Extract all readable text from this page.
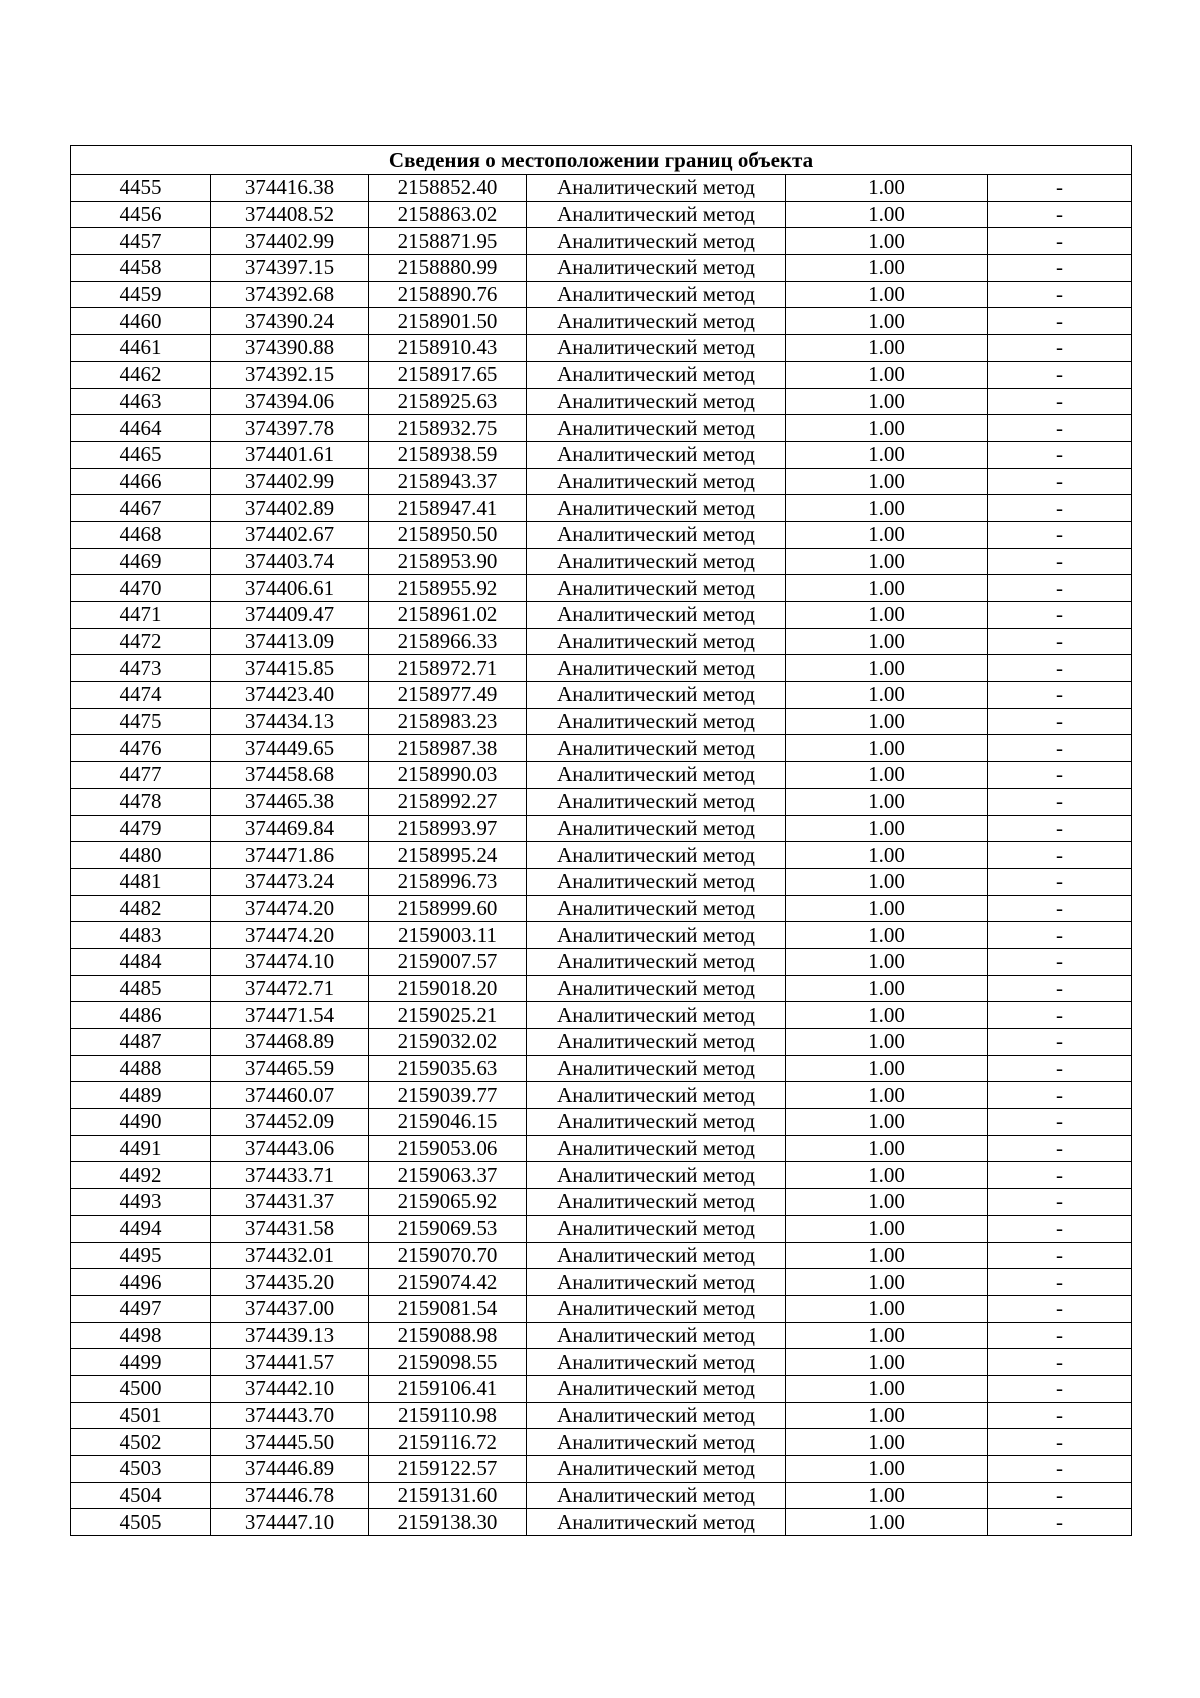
Сведения о местоположении границ объекта					
4455	374416.38	2158852.40	Аналитический метод	1.00	-
4456	374408.52	2158863.02	Аналитический метод	1.00	-
4457	374402.99	2158871.95	Аналитический метод	1.00	-
4458	374397.15	2158880.99	Аналитический метод	1.00	-
4459	374392.68	2158890.76	Аналитический метод	1.00	-
4460	374390.24	2158901.50	Аналитический метод	1.00	-
4461	374390.88	2158910.43	Аналитический метод	1.00	-
4462	374392.15	2158917.65	Аналитический метод	1.00	-
4463	374394.06	2158925.63	Аналитический метод	1.00	-
4464	374397.78	2158932.75	Аналитический метод	1.00	-
4465	374401.61	2158938.59	Аналитический метод	1.00	-
4466	374402.99	2158943.37	Аналитический метод	1.00	-
4467	374402.89	2158947.41	Аналитический метод	1.00	-
4468	374402.67	2158950.50	Аналитический метод	1.00	-
4469	374403.74	2158953.90	Аналитический метод	1.00	-
4470	374406.61	2158955.92	Аналитический метод	1.00	-
4471	374409.47	2158961.02	Аналитический метод	1.00	-
4472	374413.09	2158966.33	Аналитический метод	1.00	-
4473	374415.85	2158972.71	Аналитический метод	1.00	-
4474	374423.40	2158977.49	Аналитический метод	1.00	-
4475	374434.13	2158983.23	Аналитический метод	1.00	-
4476	374449.65	2158987.38	Аналитический метод	1.00	-
4477	374458.68	2158990.03	Аналитический метод	1.00	-
4478	374465.38	2158992.27	Аналитический метод	1.00	-
4479	374469.84	2158993.97	Аналитический метод	1.00	-
4480	374471.86	2158995.24	Аналитический метод	1.00	-
4481	374473.24	2158996.73	Аналитический метод	1.00	-
4482	374474.20	2158999.60	Аналитический метод	1.00	-
4483	374474.20	2159003.11	Аналитический метод	1.00	-
4484	374474.10	2159007.57	Аналитический метод	1.00	-
4485	374472.71	2159018.20	Аналитический метод	1.00	-
4486	374471.54	2159025.21	Аналитический метод	1.00	-
4487	374468.89	2159032.02	Аналитический метод	1.00	-
4488	374465.59	2159035.63	Аналитический метод	1.00	-
4489	374460.07	2159039.77	Аналитический метод	1.00	-
4490	374452.09	2159046.15	Аналитический метод	1.00	-
4491	374443.06	2159053.06	Аналитический метод	1.00	-
4492	374433.71	2159063.37	Аналитический метод	1.00	-
4493	374431.37	2159065.92	Аналитический метод	1.00	-
4494	374431.58	2159069.53	Аналитический метод	1.00	-
4495	374432.01	2159070.70	Аналитический метод	1.00	-
4496	374435.20	2159074.42	Аналитический метод	1.00	-
4497	374437.00	2159081.54	Аналитический метод	1.00	-
4498	374439.13	2159088.98	Аналитический метод	1.00	-
4499	374441.57	2159098.55	Аналитический метод	1.00	-
4500	374442.10	2159106.41	Аналитический метод	1.00	-
4501	374443.70	2159110.98	Аналитический метод	1.00	-
4502	374445.50	2159116.72	Аналитический метод	1.00	-
4503	374446.89	2159122.57	Аналитический метод	1.00	-
4504	374446.78	2159131.60	Аналитический метод	1.00	-
4505	374447.10	2159138.30	Аналитический метод	1.00	-
